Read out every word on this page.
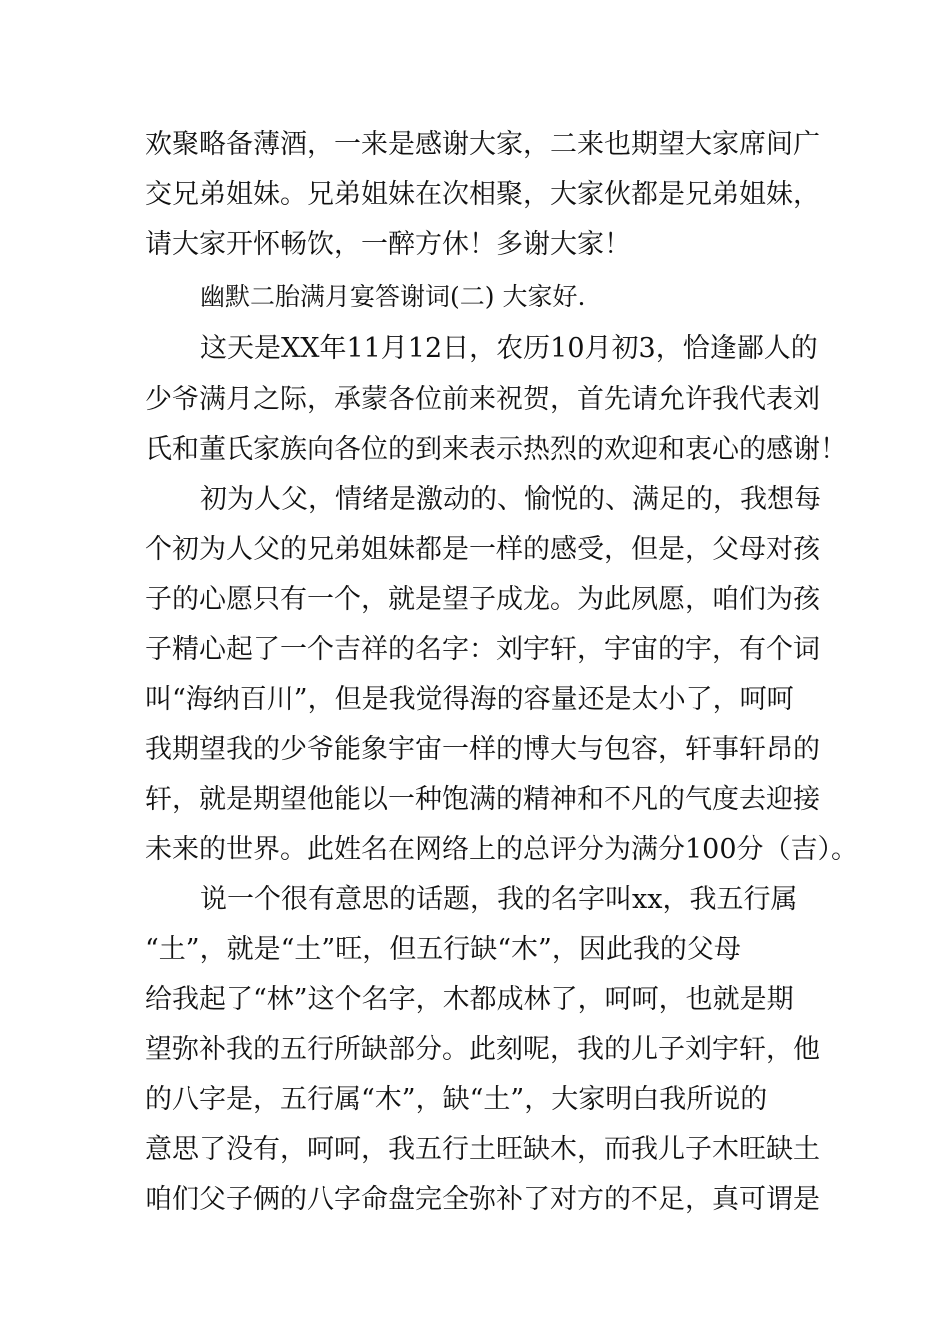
欢聚略备薄酒，一来是感谢大家，二来也期望大家席间广
交兄弟姐妹。兄弟姐妹在次相聚，大家伙都是兄弟姐妹，
请大家开怀畅饮，一醉方休！多谢大家！
幽默二胎满月宴答谢词(二) 大家好.
这天是XX年11月12日，农历10月初3，恰逢鄙人的
少爷满月之际，承蒙各位前来祝贺，首先请允许我代表刘
氏和董氏家族向各位的到来表示热烈的欢迎和衷心的感谢！
初为人父，情绪是激动的、愉悦的、满足的，我想每
个初为人父的兄弟姐妹都是一样的感受，但是，父母对孩
子的心愿只有一个，就是望子成龙。为此夙愿，咱们为孩
子精心起了一个吉祥的名字：刘宇轩，宇宙的宇，有个词
叫“海纳百川”，但是我觉得海的容量还是太小了，呵呵
我期望我的少爷能象宇宙一样的博大与包容，轩事轩昂的
轩，就是期望他能以一种饱满的精神和不凡的气度去迎接
未来的世界。此姓名在网络上的总评分为满分100分（吉）。
说一个很有意思的话题，我的名字叫xx，我五行属
“土”，就是“土”旺，但五行缺“木”，因此我的父母
给我起了“林”这个名字，木都成林了，呵呵，也就是期
望弥补我的五行所缺部分。此刻呢，我的儿子刘宇轩，他
的八字是，五行属“木”，缺“土”，大家明白我所说的
意思了没有，呵呵，我五行土旺缺木，而我儿子木旺缺土
咱们父子俩的八字命盘完全弥补了对方的不足，真可谓是
